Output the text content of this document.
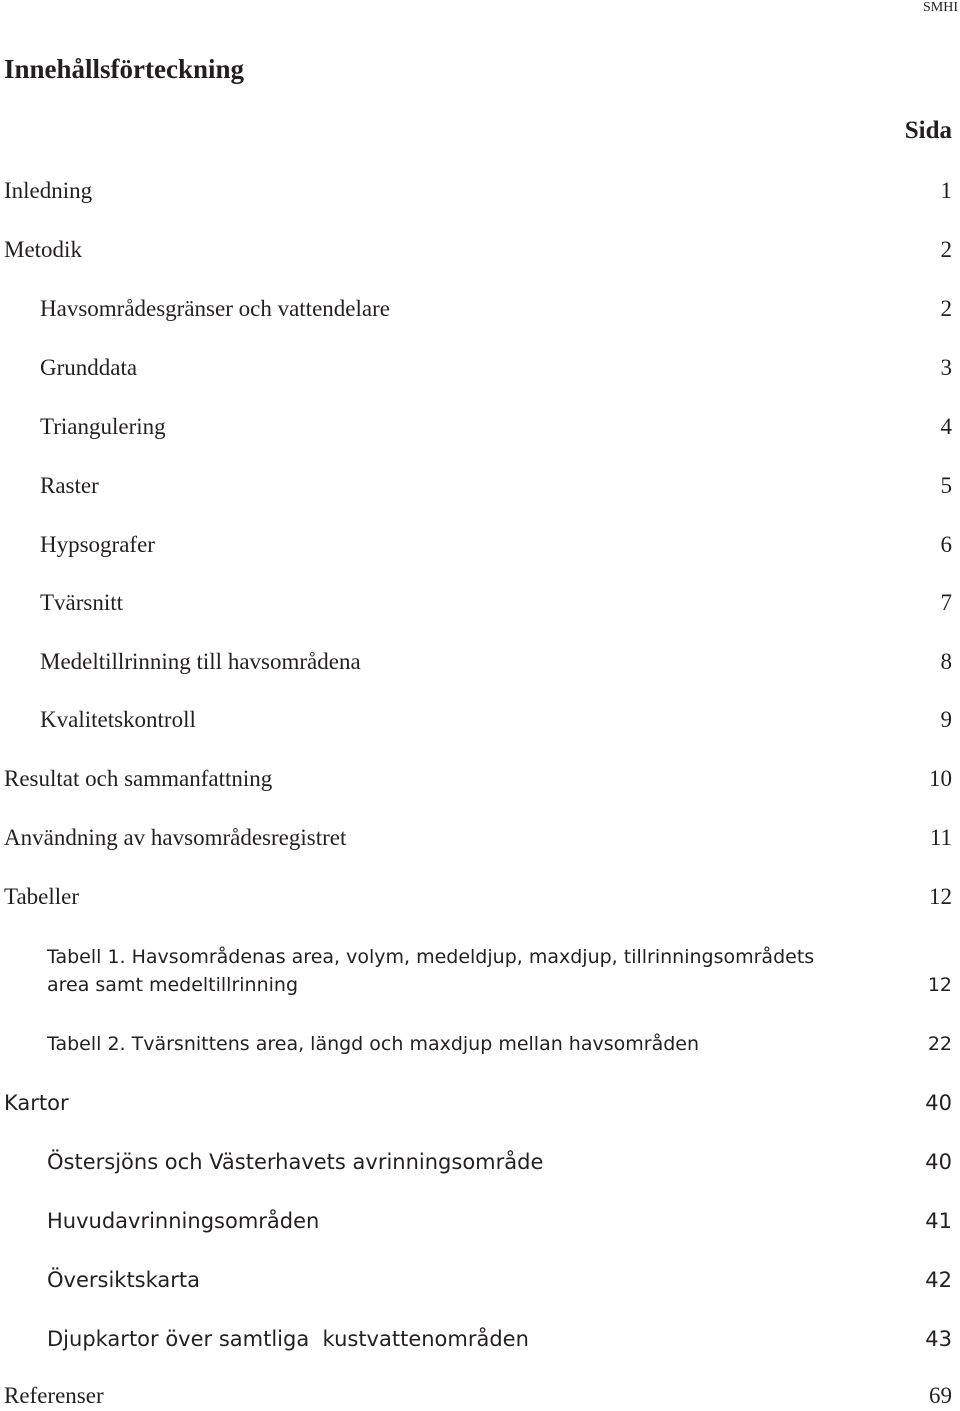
SMHI
Innehållsförteckning
Sida
Inledning	1
Metodik	2
Havsområdesgränser och vattendelare	2
Grunddata	3
Triangulering	4
Raster	5
Hypsografer	6
Tvärsnitt	7
Medeltillrinning till havsområdena	8
Kvalitetskontroll	9
Resultat och sammanfattning	10
Användning av havsområdesregistret	11
Tabeller	12
Tabell 1. Havsområdenas area, volym, medeldjup, maxdjup, tillrinningsområdets
area samt medeltillrinning	12
Tabell 2. Tvärsnittens area, längd och maxdjup mellan havsområden	22
Kartor	40
Östersjöns och Västerhavets avrinningsområde	40
Huvudavrinningsområden	41
Översiktskarta	42
Djupkartor över samtliga  kustvattenområden	43
Referenser	69
